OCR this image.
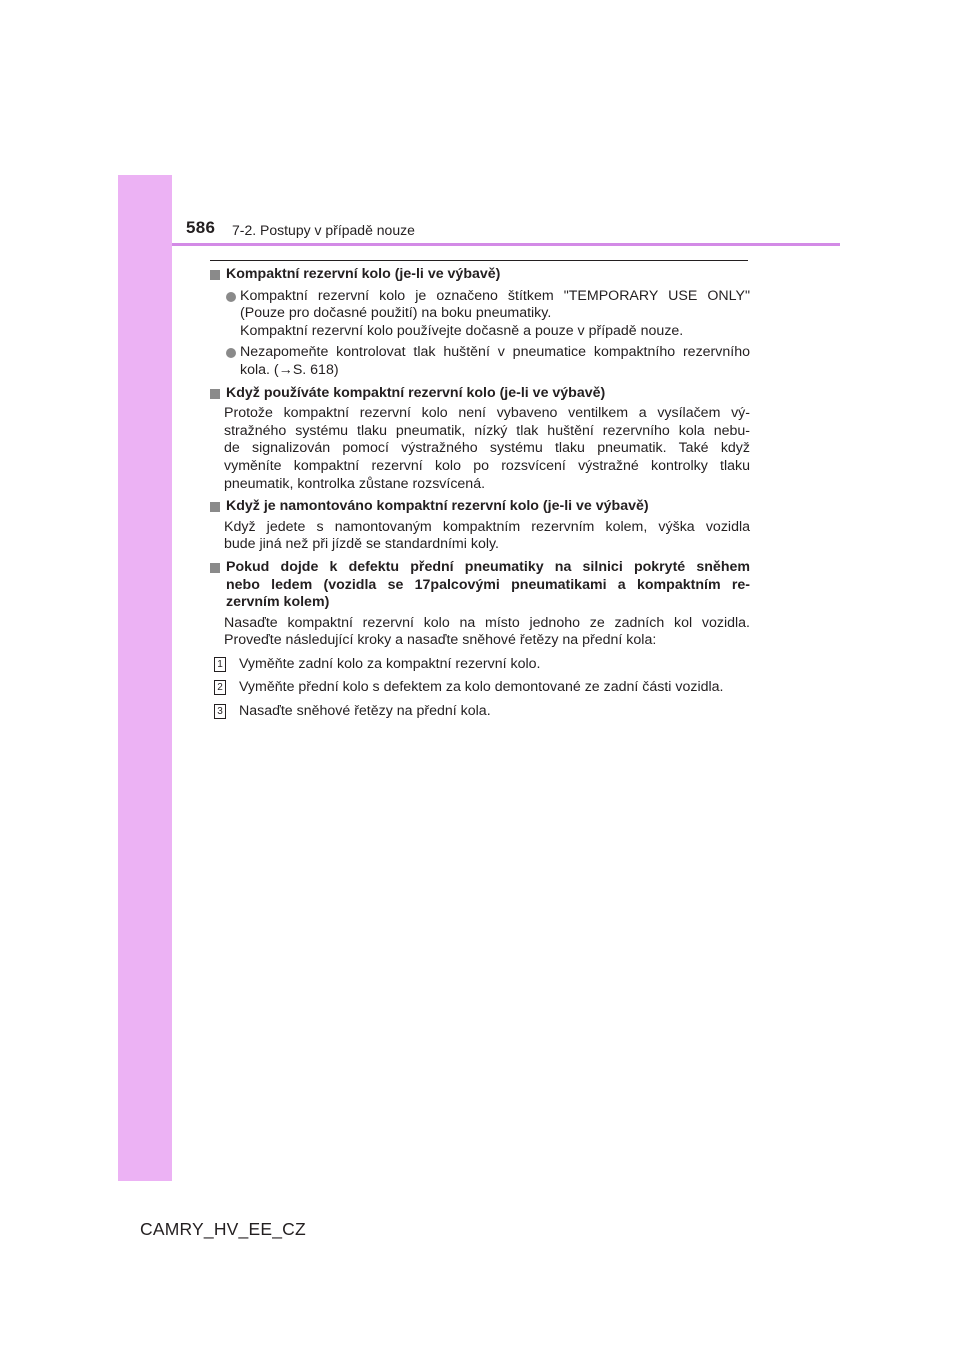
586 7-2. Postupy v případě nouze
Kompaktní rezervní kolo (je-li ve výbavě)
Kompaktní rezervní kolo je označeno štítkem "TEMPORARY USE ONLY"
(Pouze pro dočasné použití) na boku pneumatiky.
Kompaktní rezervní kolo používejte dočasně a pouze v případě nouze.
Nezapomeňte kontrolovat tlak huštění v pneumatice kompaktního rezervního
kola. (→S. 618)
Když používáte kompaktní rezervní kolo (je-li ve výbavě)
Protože kompaktní rezervní kolo není vybaveno ventilkem a vysílačem vý-
stražného systému tlaku pneumatik, nízký tlak huštění rezervního kola nebu-
de signalizován pomocí výstražného systému tlaku pneumatik. Také když
vyměníte kompaktní rezervní kolo po rozsvícení výstražné kontrolky tlaku
pneumatik, kontrolka zůstane rozsvícená.
Když je namontováno kompaktní rezervní kolo (je-li ve výbavě)
Když jedete s namontovaným kompaktním rezervním kolem, výška vozidla
bude jiná než při jízdě se standardními koly.
Pokud dojde k defektu přední pneumatiky na silnici pokryté sněhem
nebo ledem (vozidla se 17palcovými pneumatikami a kompaktním re-
zervním kolem)
Nasaďte kompaktní rezervní kolo na místo jednoho ze zadních kol vozidla.
Proveďte následující kroky a nasaďte sněhové řetězy na přední kola:
1 Vyměňte zadní kolo za kompaktní rezervní kolo.
2 Vyměňte přední kolo s defektem za kolo demontované ze zadní části vozidla.
3 Nasaďte sněhové řetězy na přední kola.
CAMRY_HV_EE_CZ
